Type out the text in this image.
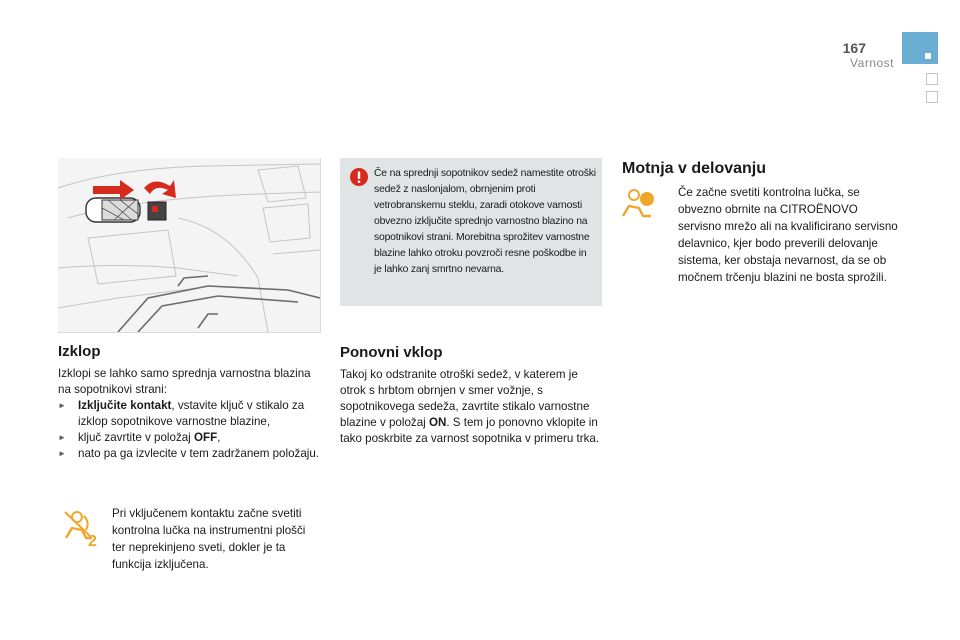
167
Varnost
Izklop
Izklopi se lahko samo sprednja varnostna blazina na sopotnikovi strani:
► Izključite kontakt, vstavite ključ v stikalo za izklop sopotnikove varnostne blazine,
► ključ zavrtite v položaj OFF,
► nato pa ga izvlecite v tem zadržanem položaju.
2
Pri vključenem kontaktu začne svetiti kontrolna lučka na instrumentni plošči ter neprekinjeno sveti, dokler je ta funkcija izključena.
Če na sprednji sopotnikov sedež namestite otroški sedež z naslonjalom, obrnjenim proti vetrobranskemu steklu, zaradi otokove varnosti obvezno izključite sprednjo varnostno blazino na sopotnikovi strani. Morebitna sprožitev varnostne blazine lahko otroku povzroči resne poškodbe in je lahko zanj smrtno nevarna.
Ponovni vklop
Takoj ko odstranite otroški sedež, v katerem je otrok s hrbtom obrnjen v smer vožnje, s sopotnikovega sedeža, zavrtite stikalo varnostne blazine v položaj ON. S tem jo ponovno vklopite in tako poskrbite za varnost sopotnika v primeru trka.
Motnja v delovanju
Če začne svetiti kontrolna lučka, se obvezno obrnite na CITROËNOVO servisno mrežo ali na kvalificirano servisno delavnico, kjer bodo preverili delovanje sistema, ker obstaja nevarnost, da se ob močnem trčenju blazini ne bosta sprožili.
